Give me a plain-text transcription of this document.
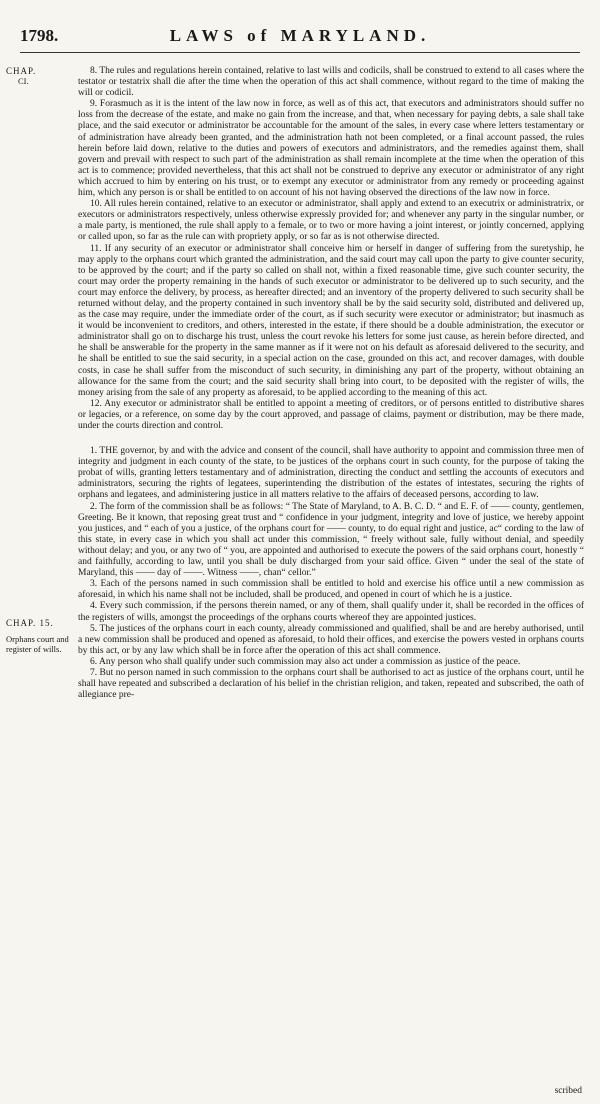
1798.	LAWS of MARYLAND.
CHAP.
CI.
CHAP. 15.
Orphans court and register of wills.

8. The rules and regulations herein contained, relative to last wills and codicils, shall be construed to extend to all cases where the testator or testatrix shall die after the time when the operation of this act shall commence, without regard to the time of making the will or codicil.

9. Forasmuch as it is the intent of the law now in force, as well as of this act, that executors and administrators should suffer no loss from the decrease of the estate, and make no gain from the increase, and that, when necessary for paying debts, a sale shall take place, and the said executor or administrator be accountable for the amount of the sales, in every case where letters testamentary or of administration have already been granted, and the administration hath not been completed, or a final account passed, the rules herein before laid down, relative to the duties and powers of executors and administrators, and the remedies against them, shall govern and prevail with respect to such part of the administration as shall remain incomplete at the time when the operation of this act is to commence; provided nevertheless, that this act shall not be construed to deprive any executor or administrator of any right which accrued to him by entering on his trust, or to exempt any executor or administrator from any remedy or proceeding against him, which any person is or shall be entitled to on account of his not having observed the directions of the law now in force.

10. All rules herein contained, relative to an executor or administrator, shall apply and extend to an executrix or administratrix, or executors or administrators respectively, unless otherwise expressly provided for; and whenever any party in the singular number, or a male party, is mentioned, the rule shall apply to a female, or to two or more having a joint interest, or jointly concerned, applying or called upon, so far as the rule can with propriety apply, or so far as is not otherwise directed.

11. If any security of an executor or administrator shall conceive him or herself in danger of suffering from the suretyship, he may apply to the orphans court which granted the administration, and the said court may call upon the party to give counter security, to be approved by the court; and if the party so called on shall not, within a fixed reasonable time, give such counter security, the court may order the property remaining in the hands of such executor or administrator to be delivered up to such security, and the court may enforce the delivery, by process, as hereafter directed; and an inventory of the property delivered to such security shall be returned without delay, and the property contained in such inventory shall be by the said security sold, distributed and delivered up, as the case may require, under the immediate order of the court, as if such security were executor or administrator; but inasmuch as it would be inconvenient to creditors, and others, interested in the estate, if there should be a double administration, the executor or administrator shall go on to discharge his trust, unless the court revoke his letters for some just cause, as herein before directed, and he shall be answerable for the property in the same manner as if it were not on his default as aforesaid delivered to the security, and he shall be entitled to sue the said security, in a special action on the case, grounded on this act, and recover damages, with double costs, in case he shall suffer from the misconduct of such security, in diminishing any part of the property, without obtaining an allowance for the same from the court; and the said security shall bring into court, to be deposited with the register of wills, the money arising from the sale of any property as aforesaid, to be applied according to the meaning of this act.

12. Any executor or administrator shall be entitled to appoint a meeting of creditors, or of persons entitled to distributive shares or legacies, or a reference, on some day by the court approved, and passage of claims, payment or distribution, may be there made, under the courts direction and control.

1. THE governor, by and with the advice and consent of the council, shall have authority to appoint and commission three men of integrity and judgment in each county of the state, to be justices of the orphans court in such county, for the purpose of taking the probat of wills, granting letters testamentary and of administration, directing the conduct and settling the accounts of executors and administrators, securing the rights of legatees, superintending the distribution of the estates of intestates, securing the rights of orphans and legatees, and administering justice in all matters relative to the affairs of deceased persons, according to law.

2. The form of the commission shall be as follows: “ The State of Maryland, to A. B. C. D. “ and E. F. of —— county, gentlemen, Greeting. Be it known, that reposing great trust and “ confidence in your judgment, integrity and love of justice, we hereby appoint you justices, and “ each of you a justice, of the orphans court for —— county, to do equal right and justice, ac“ cording to the law of this state, in every case in which you shall act under this commission, “ freely without sale, fully without denial, and speedily without delay; and you, or any two of “ you, are appointed and authorised to execute the powers of the said orphans court, honestly “ and faithfully, according to law, until you shall be duly discharged from your said office. Given “ under the seal of the state of Maryland, this —— day of ——. Witness ——, chan“ cellor.”

3. Each of the persons named in such commission shall be entitled to hold and exercise his office until a new commission as aforesaid, in which his name shall not be included, shall be produced, and opened in court of which he is a justice.

4. Every such commission, if the persons therein named, or any of them, shall qualify under it, shall be recorded in the offices of the registers of wills, amongst the proceedings of the orphans courts whereof they are appointed justices.

5. The justices of the orphans court in each county, already commissioned and qualified, shall be and are hereby authorised, until a new commission shall be produced and opened as aforesaid, to hold their offices, and exercise the powers vested in orphans courts by this act, or by any law which shall be in force after the operation of this act shall commence.

6. Any person who shall qualify under such commission may also act under a commission as justice of the peace.

7. But no person named in such commission to the orphans court shall be authorised to act as justice of the orphans court, until he shall have repeated and subscribed a declaration of his belief in the christian religion, and taken, repeated and subscribed, the oath of allegiance pre-

scribed
